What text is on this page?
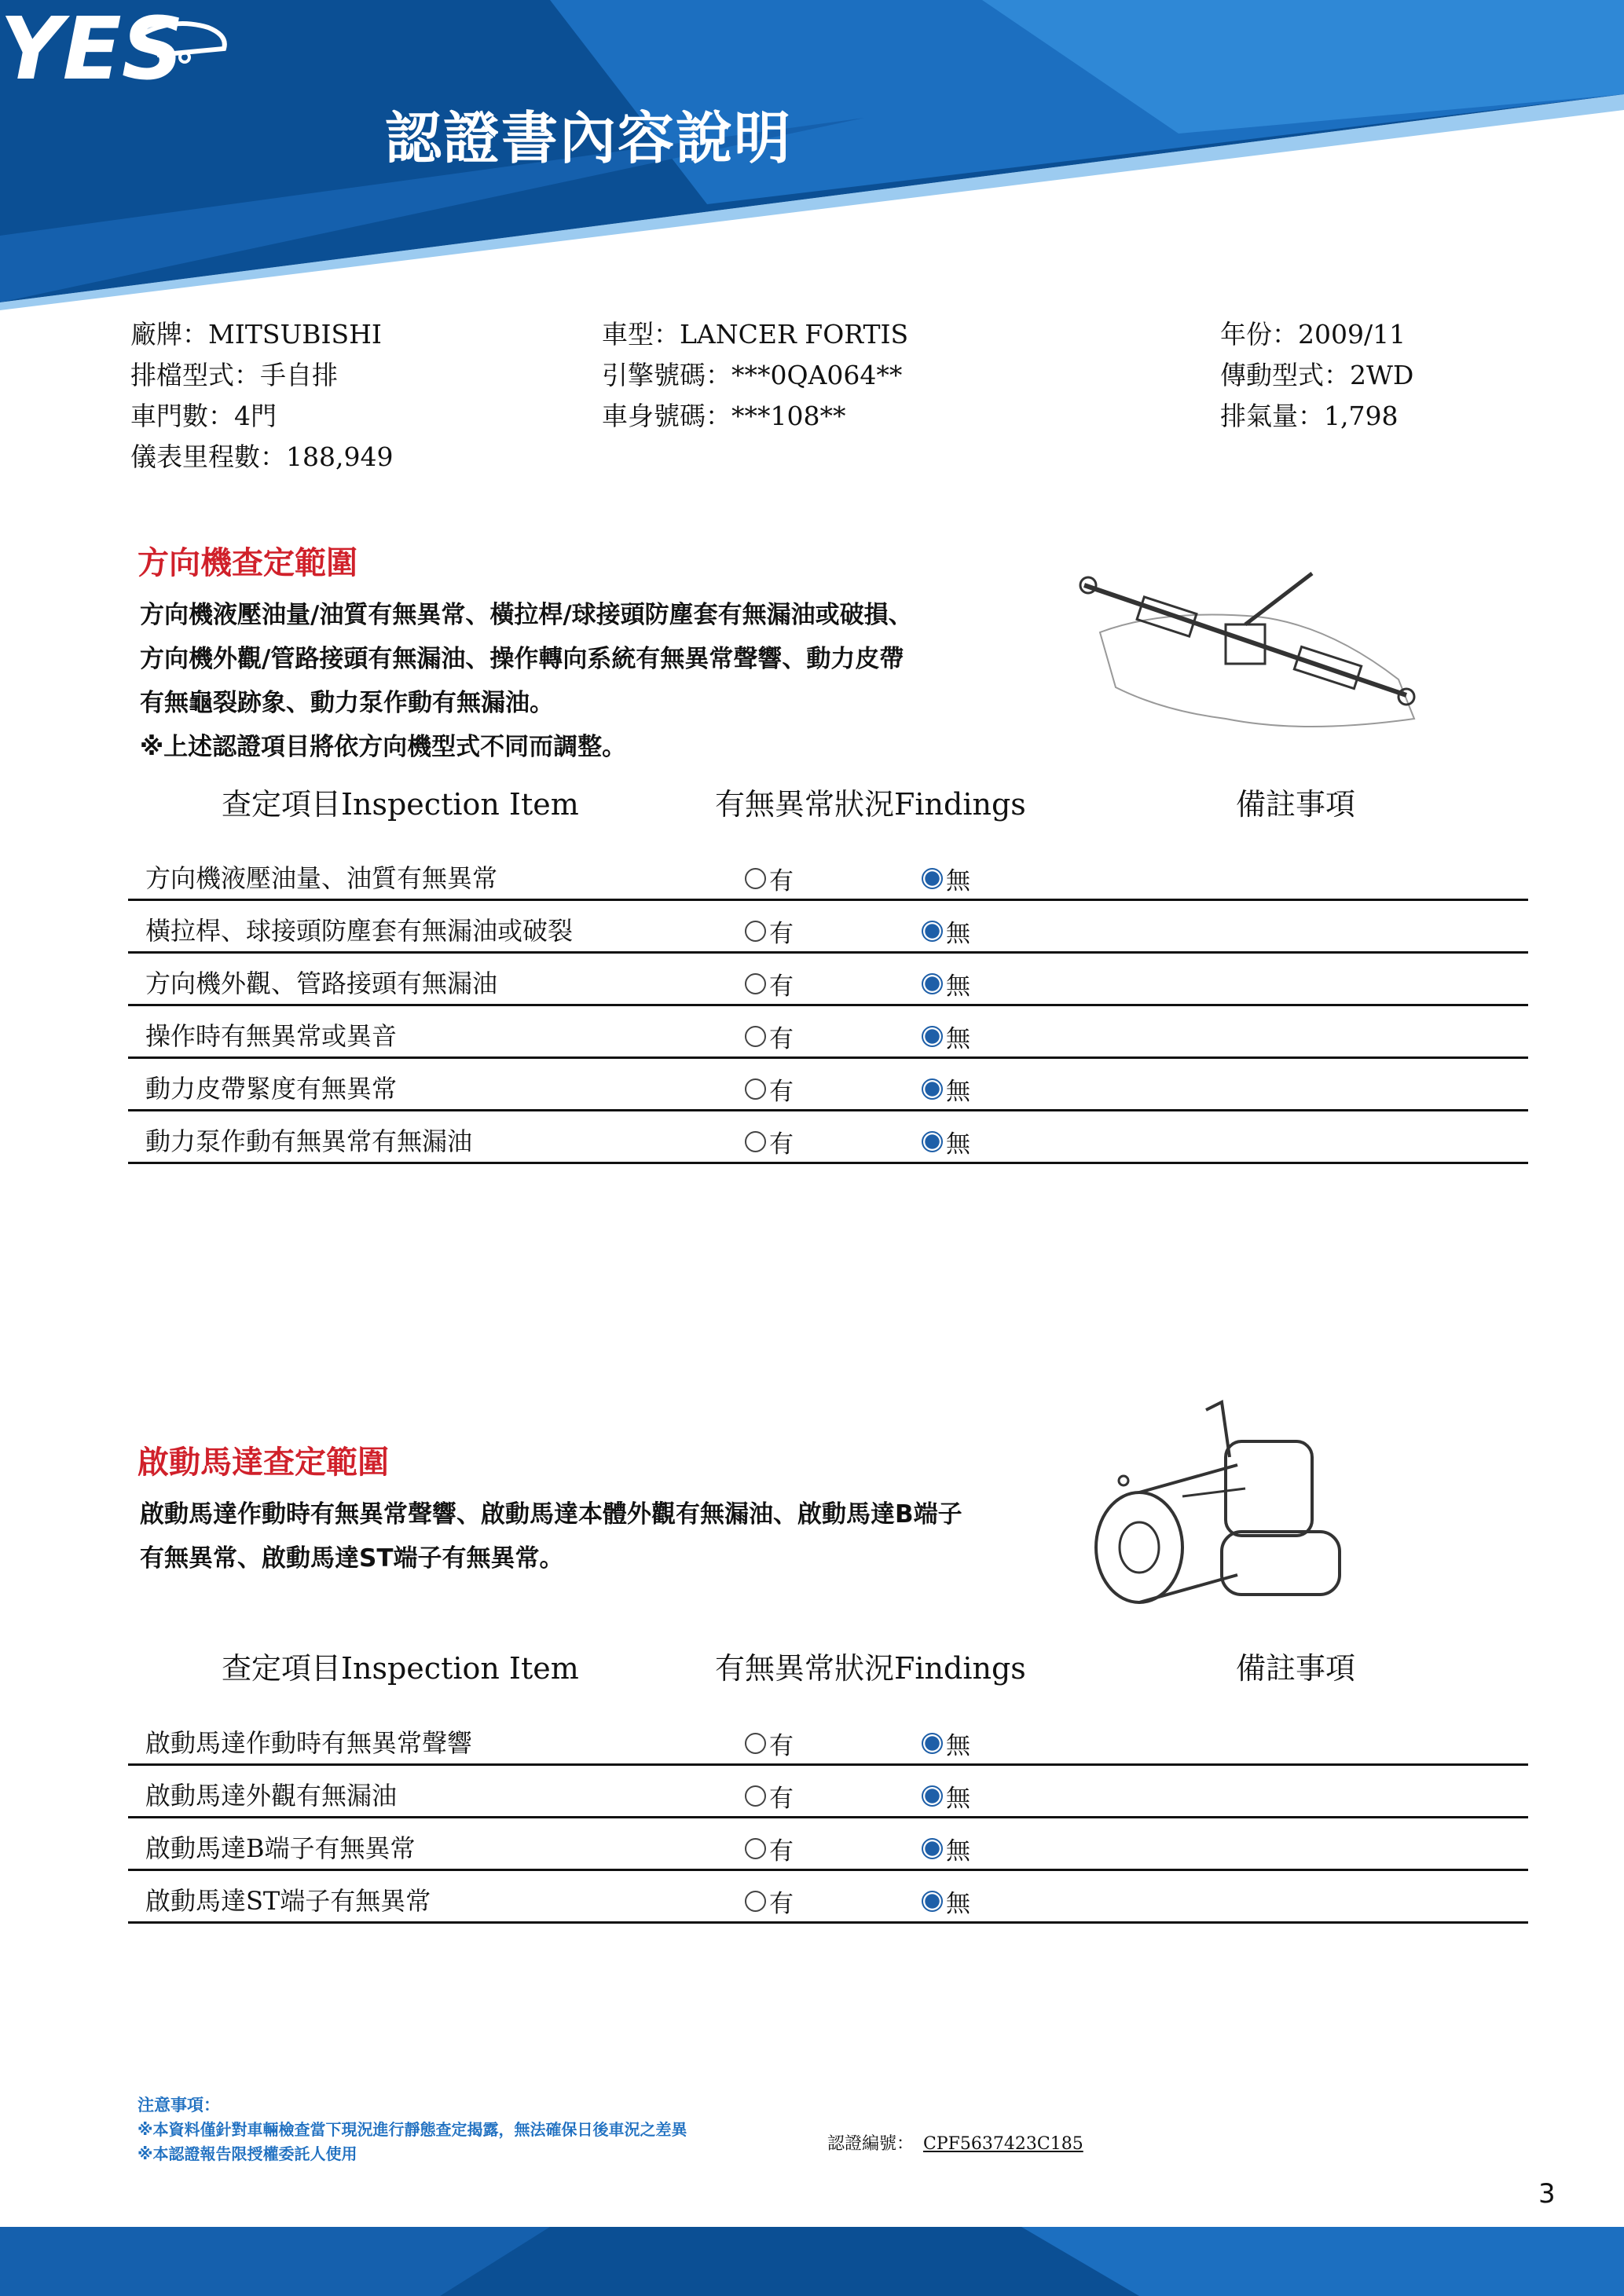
YES
認證書內容說明
廠牌：MITSUBISHI	車型：LANCER FORTIS	年份：2009/11
排檔型式：手自排	引擎號碼：***0QA064**	傳動型式：2WD
車門數：4門	車身號碼：***108**	排氣量：1,798
儀表里程數：188,949
方向機查定範圍
方向機液壓油量/油質有無異常、橫拉桿/球接頭防塵套有無漏油或破損、
方向機外觀/管路接頭有無漏油、操作轉向系統有無異常聲響、動力皮帶
有無龜裂跡象、動力泵作動有無漏油。
※上述認證項目將依方向機型式不同而調整。
查定項目Inspection Item	有無異常狀況Findings	備註事項
方向機液壓油量、油質有無異常	有	無
橫拉桿、球接頭防塵套有無漏油或破裂	有	無
方向機外觀、管路接頭有無漏油	有	無
操作時有無異常或異音	有	無
動力皮帶緊度有無異常	有	無
動力泵作動有無異常有無漏油	有	無
啟動馬達查定範圍
啟動馬達作動時有無異常聲響、啟動馬達本體外觀有無漏油、啟動馬達B端子
有無異常、啟動馬達ST端子有無異常。
查定項目Inspection Item	有無異常狀況Findings	備註事項
啟動馬達作動時有無異常聲響	有	無
啟動馬達外觀有無漏油	有	無
啟動馬達B端子有無異常	有	無
啟動馬達ST端子有無異常	有	無
注意事項：
※本資料僅針對車輛檢查當下現況進行靜態查定揭露，無法確保日後車況之差異
※本認證報告限授權委託人使用	認證編號： CPF5637423C185
3
